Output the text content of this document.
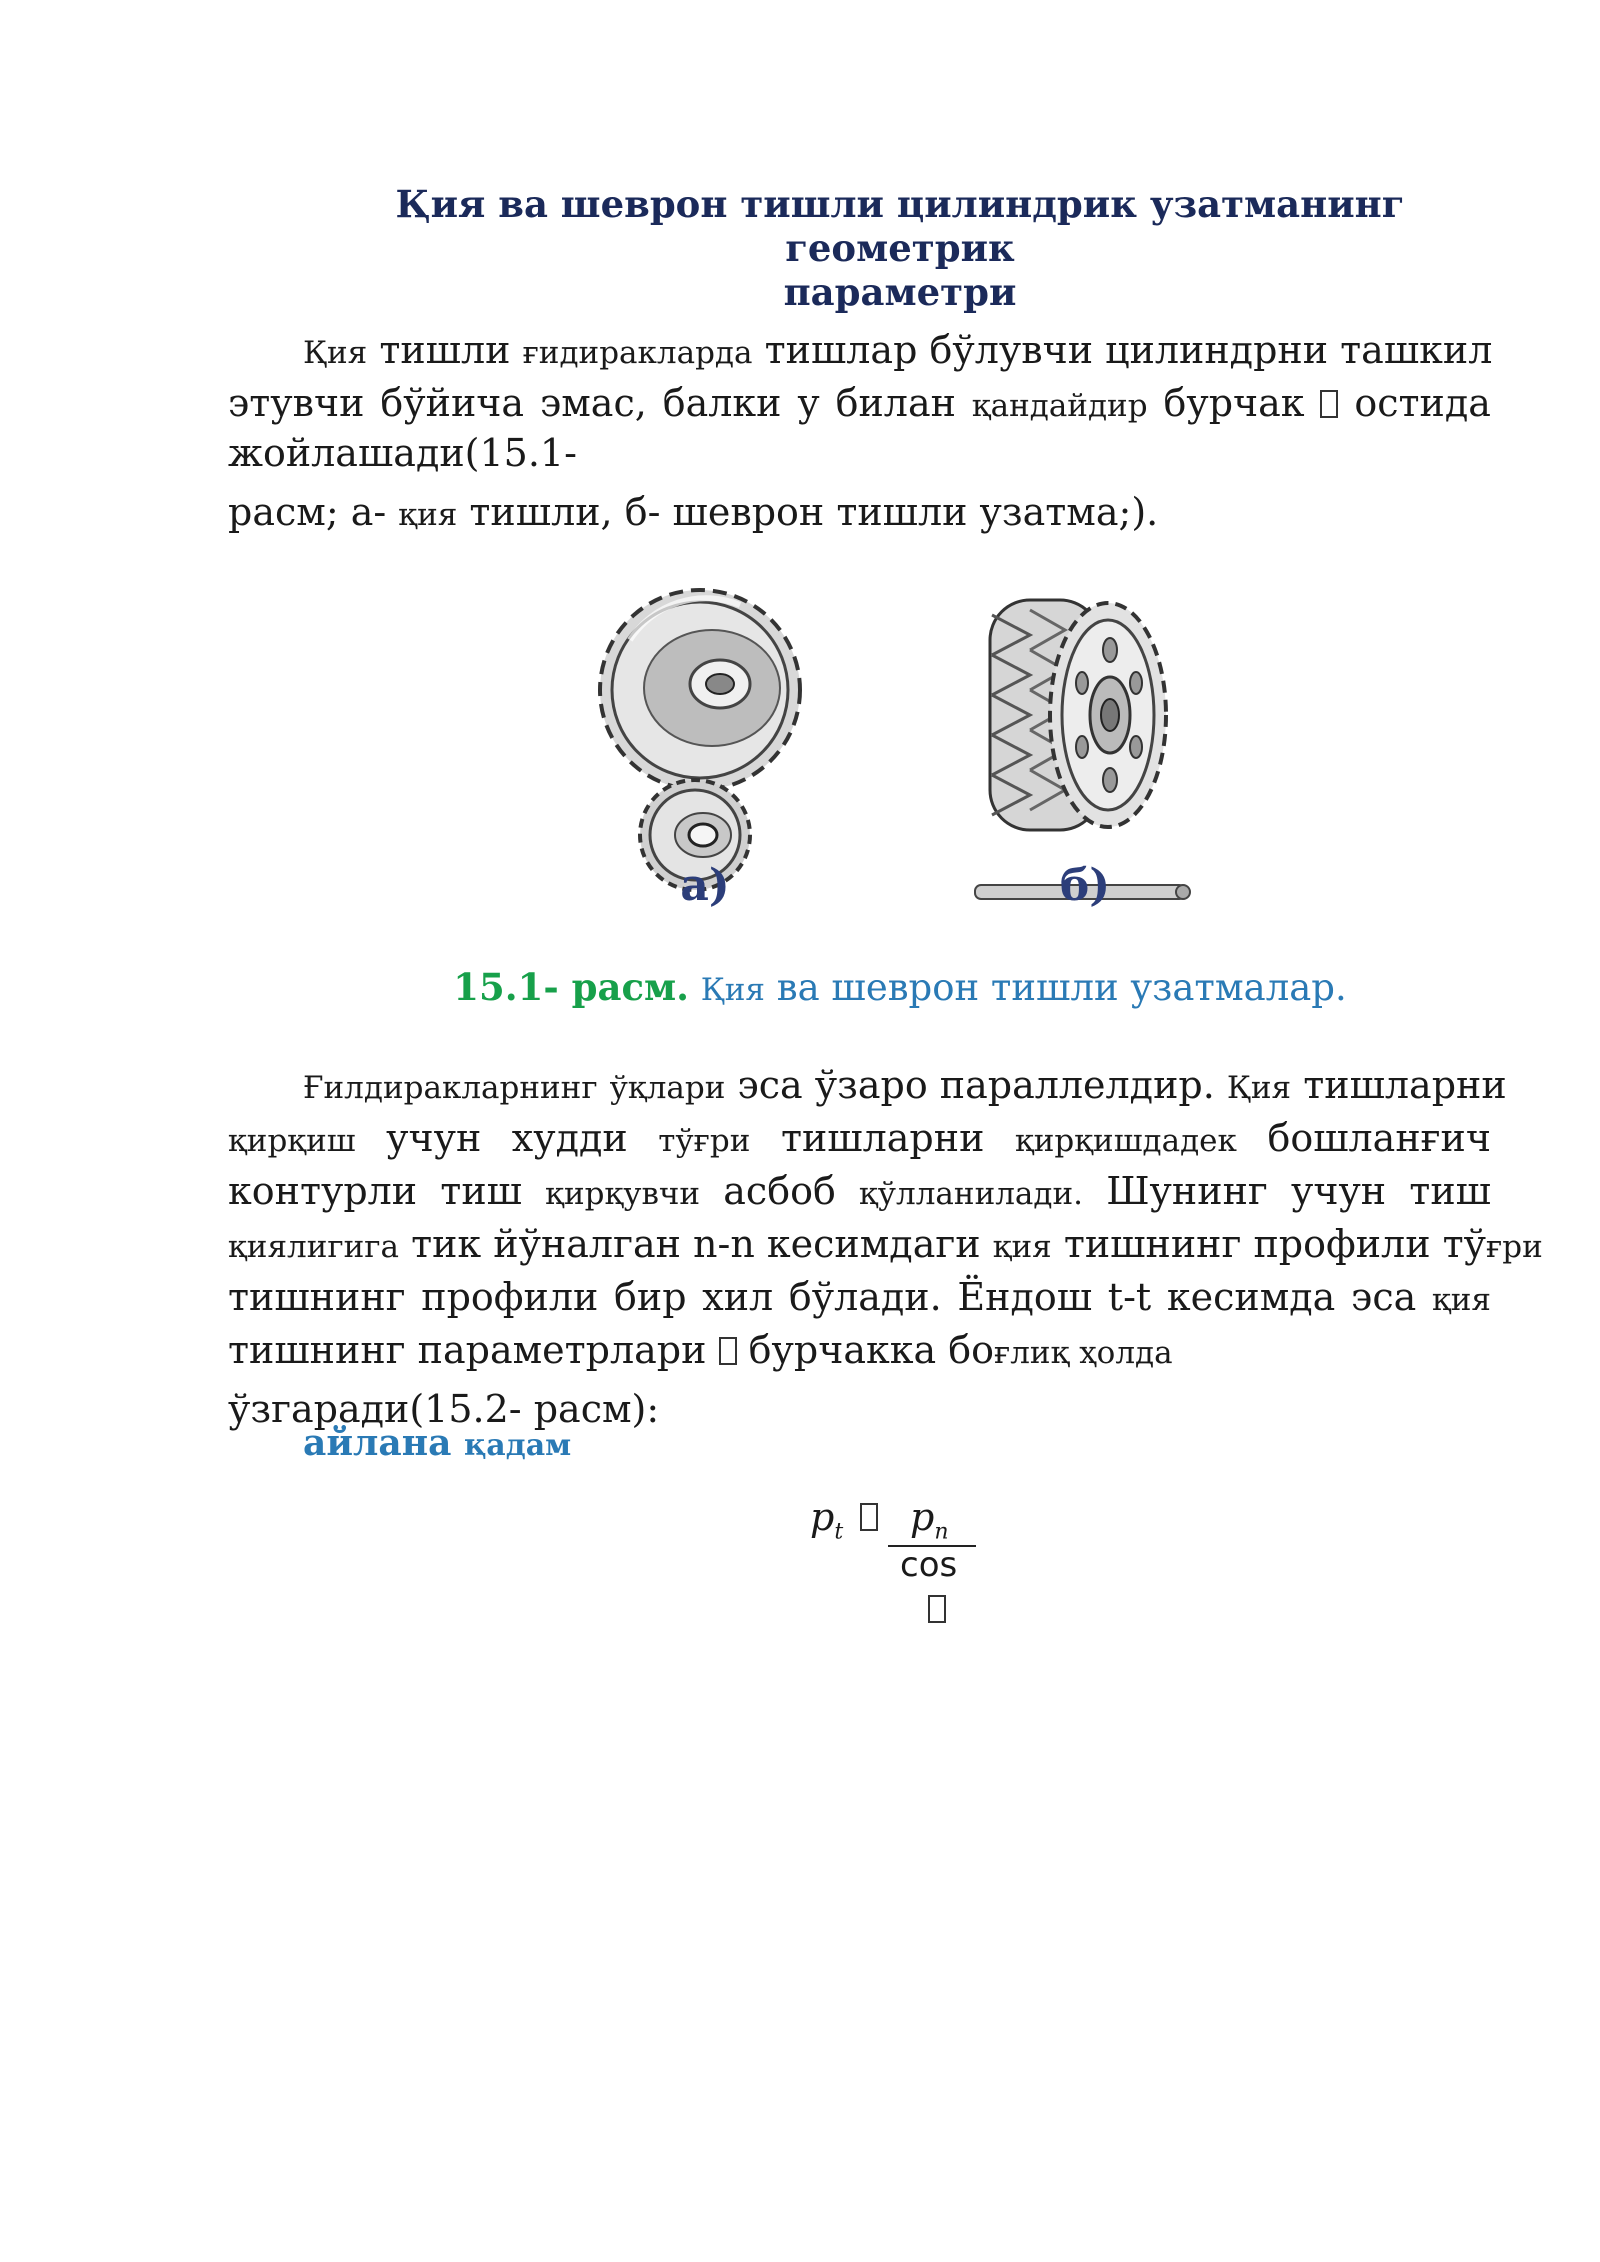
Қия ва шеврон тишли цилиндрик узатманинг геометрик
параметри
Қия тишли ғидиракларда тишлар бўлувчи цилиндрни ташкил
этувчи бўйича эмас, балки у билан қандайдир бурчак остида
жойлашади(15.1-
расм; а- қия тишли, б- шеврон тишли узатма;).
а)	б)
15.1- расм. Қия ва шеврон тишли узатмалар.
Ғилдиракларнинг ўқлари эса ўзаро параллелдир. Қия тишларни
қирқиш учун худди тўғри тишларни қирқишдадек бошланғич
контурли тиш қирқувчи асбоб қўлланилади. Шунинг учун тиш
қиялигига тик йўналган n-n кесимдаги қия тишнинг профили тўғри
тишнинг профили бир хил бўлади. Ёндош t-t кесимда эса қия
тишнинг параметрлари бурчакка боғлиқ ҳолда
ўзгаради(15.2- расм):
айлана қадам
$p_t$	$p_n$
cos
